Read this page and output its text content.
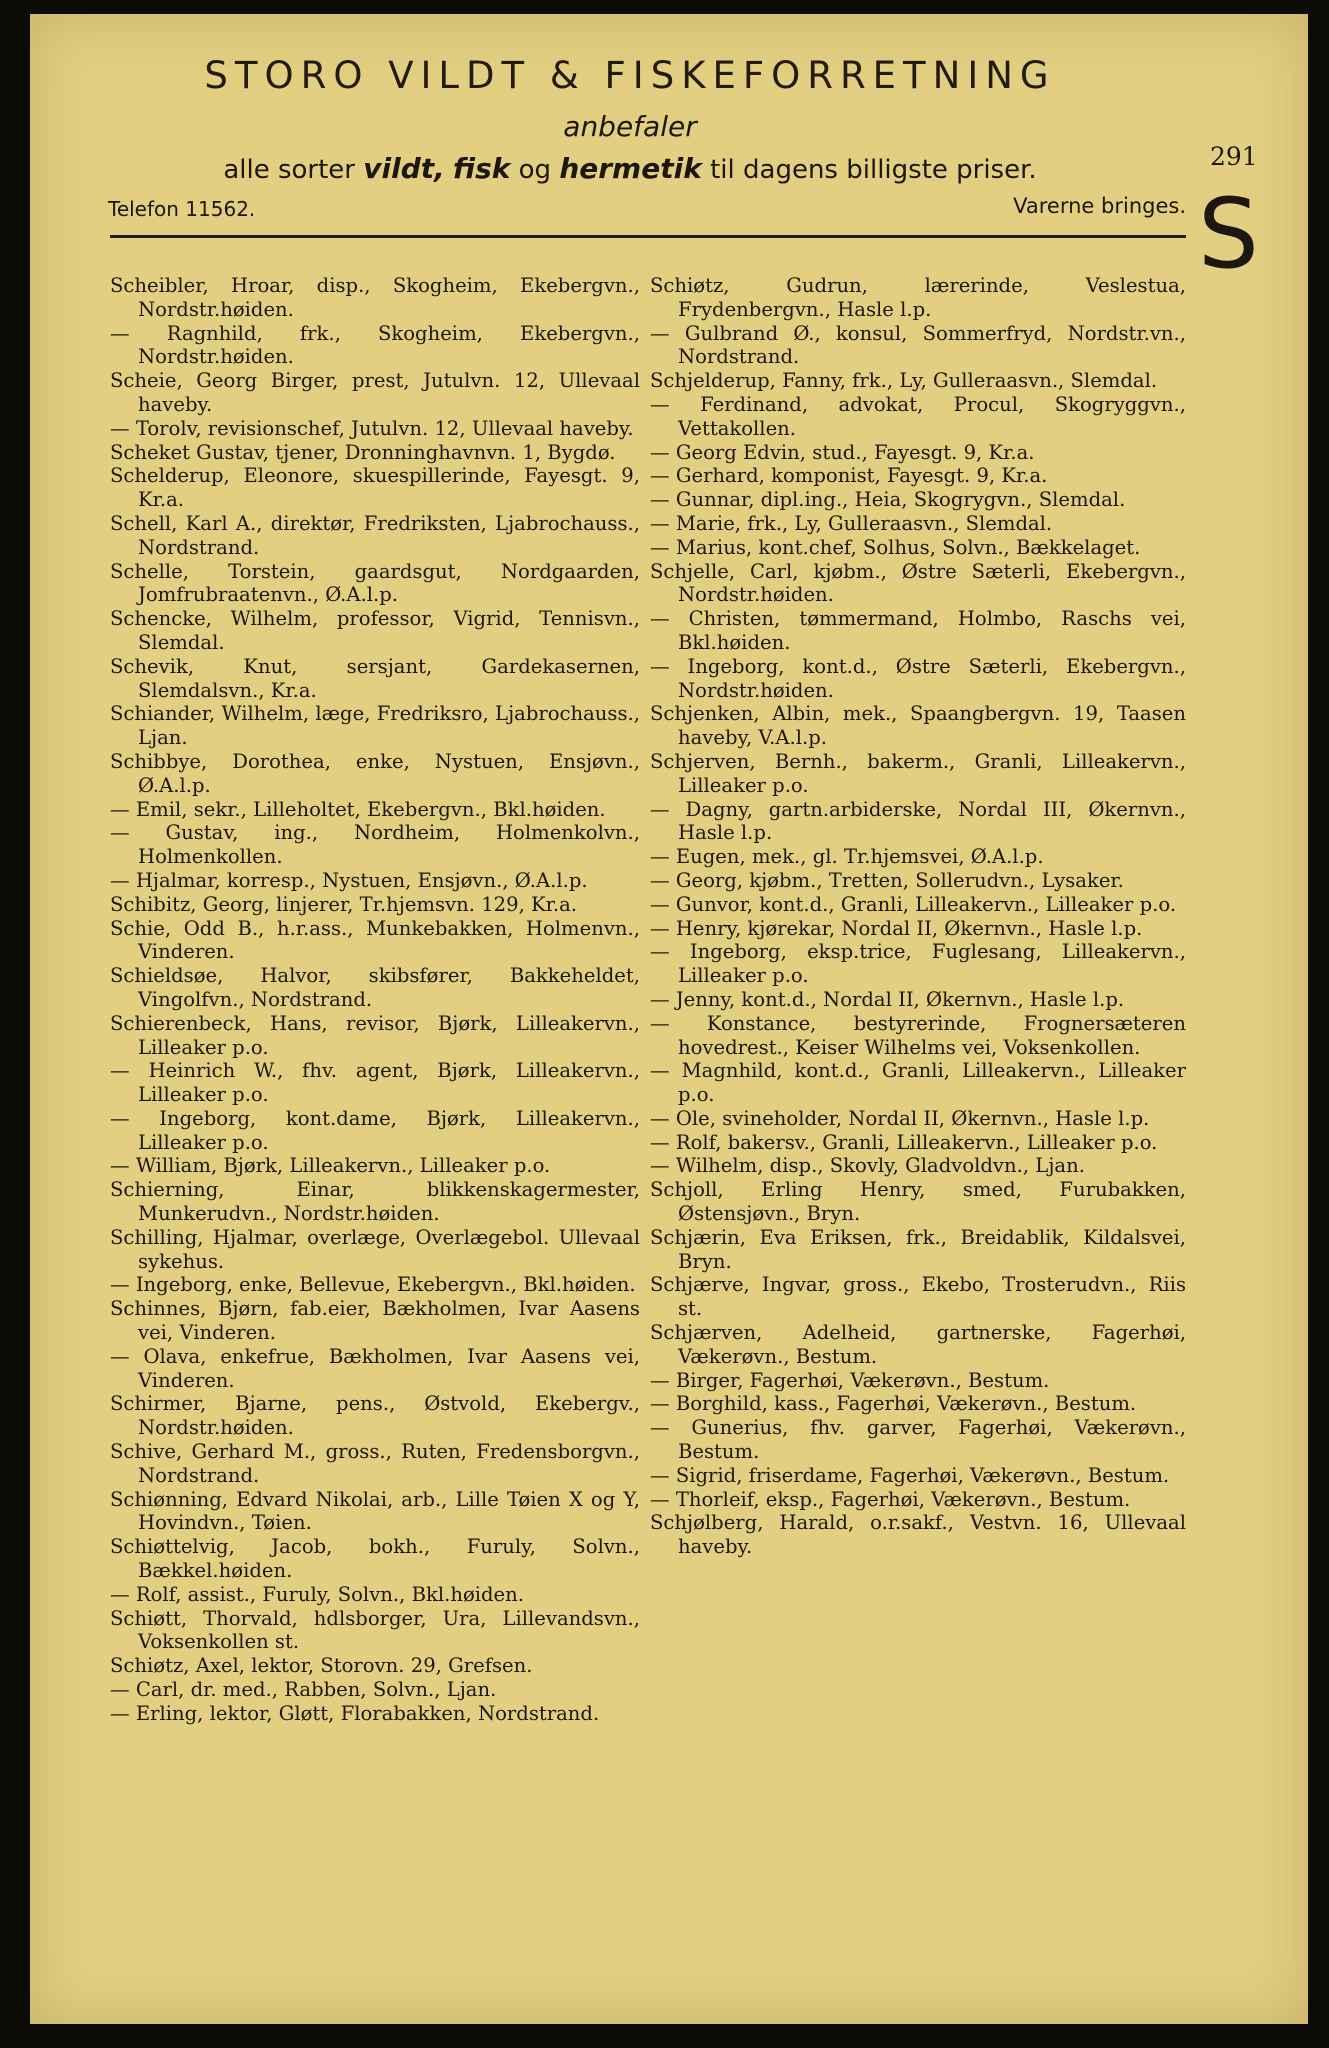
STORO VILDT & FISKEFORRETNING
anbefaler
alle sorter vildt, fisk og hermetik til dagens billigste priser.
Telefon 11562.	Varerne bringes.
291
S
Scheibler, Hroar, disp., Skogheim, Ekebergvn., Nordstr.høiden.
— Ragnhild, frk., Skogheim, Ekebergvn., Nordstr.høiden.
Scheie, Georg Birger, prest, Jutulvn. 12, Ullevaal haveby.
— Torolv, revisionschef, Jutulvn. 12, Ullevaal haveby.
Scheket Gustav, tjener, Dronninghavnvn. 1, Bygdø.
Schelderup, Eleonore, skuespillerinde, Fayesgt. 9, Kr.a.
Schell, Karl A., direktør, Fredriksten, Ljabrochauss., Nordstrand.
Schelle, Torstein, gaardsgut, Nordgaarden, Jomfrubraatenvn., Ø.A.l.p.
Schencke, Wilhelm, professor, Vigrid, Tennisvn., Slemdal.
Schevik, Knut, sersjant, Gardekasernen, Slemdalsvn., Kr.a.
Schiander, Wilhelm, læge, Fredriksro, Ljabrochauss., Ljan.
Schibbye, Dorothea, enke, Nystuen, Ensjøvn., Ø.A.l.p.
— Emil, sekr., Lilleholtet, Ekebergvn., Bkl.høiden.
— Gustav, ing., Nordheim, Holmenkolvn., Holmenkollen.
— Hjalmar, korresp., Nystuen, Ensjøvn., Ø.A.l.p.
Schibitz, Georg, linjerer, Tr.hjemsvn. 129, Kr.a.
Schie, Odd B., h.r.ass., Munkebakken, Holmenvn., Vinderen.
Schieldsøe, Halvor, skibsfører, Bakkeheldet, Vingolfvn., Nordstrand.
Schierenbeck, Hans, revisor, Bjørk, Lilleakervn., Lilleaker p.o.
— Heinrich W., fhv. agent, Bjørk, Lilleakervn., Lilleaker p.o.
— Ingeborg, kont.dame, Bjørk, Lilleakervn., Lilleaker p.o.
— William, Bjørk, Lilleakervn., Lilleaker p.o.
Schierning, Einar, blikkenskagermester, Munkerudvn., Nordstr.høiden.
Schilling, Hjalmar, overlæge, Overlægebol. Ullevaal sykehus.
— Ingeborg, enke, Bellevue, Ekebergvn., Bkl.høiden.
Schinnes, Bjørn, fab.eier, Bækholmen, Ivar Aasens vei, Vinderen.
— Olava, enkefrue, Bækholmen, Ivar Aasens vei, Vinderen.
Schirmer, Bjarne, pens., Østvold, Ekebergv., Nordstr.høiden.
Schive, Gerhard M., gross., Ruten, Fredensborgvn., Nordstrand.
Schiønning, Edvard Nikolai, arb., Lille Tøien X og Y, Hovindvn., Tøien.
Schiøttelvig, Jacob, bokh., Furuly, Solvn., Bækkel.høiden.
— Rolf, assist., Furuly, Solvn., Bkl.høiden.
Schiøtt, Thorvald, hdlsborger, Ura, Lillevandsvn., Voksenkollen st.
Schiøtz, Axel, lektor, Storovn. 29, Grefsen.
— Carl, dr. med., Rabben, Solvn., Ljan.
— Erling, lektor, Gløtt, Florabakken, Nordstrand.
Schiøtz, Gudrun, lærerinde, Veslestua, Frydenbergvn., Hasle l.p.
— Gulbrand Ø., konsul, Sommerfryd, Nordstr.vn., Nordstrand.
Schjelderup, Fanny, frk., Ly, Gulleraasvn., Slemdal.
— Ferdinand, advokat, Procul, Skogryggvn., Vettakollen.
— Georg Edvin, stud., Fayesgt. 9, Kr.a.
— Gerhard, komponist, Fayesgt. 9, Kr.a.
— Gunnar, dipl.ing., Heia, Skogrygvn., Slemdal.
— Marie, frk., Ly, Gulleraasvn., Slemdal.
— Marius, kont.chef, Solhus, Solvn., Bækkelaget.
Schjelle, Carl, kjøbm., Østre Sæterli, Ekebergvn., Nordstr.høiden.
— Christen, tømmermand, Holmbo, Raschs vei, Bkl.høiden.
— Ingeborg, kont.d., Østre Sæterli, Ekebergvn., Nordstr.høiden.
Schjenken, Albin, mek., Spaangbergvn. 19, Taasen haveby, V.A.l.p.
Schjerven, Bernh., bakerm., Granli, Lilleakervn., Lilleaker p.o.
— Dagny, gartn.arbiderske, Nordal III, Økernvn., Hasle l.p.
— Eugen, mek., gl. Tr.hjemsvei, Ø.A.l.p.
— Georg, kjøbm., Tretten, Sollerudvn., Lysaker.
— Gunvor, kont.d., Granli, Lilleakervn., Lilleaker p.o.
— Henry, kjørekar, Nordal II, Økernvn., Hasle l.p.
— Ingeborg, eksp.trice, Fuglesang, Lilleakervn., Lilleaker p.o.
— Jenny, kont.d., Nordal II, Økernvn., Hasle l.p.
— Konstance, bestyrerinde, Frognersæteren hovedrest., Keiser Wilhelms vei, Voksenkollen.
— Magnhild, kont.d., Granli, Lilleakervn., Lilleaker p.o.
— Ole, svineholder, Nordal II, Økernvn., Hasle l.p.
— Rolf, bakersv., Granli, Lilleakervn., Lilleaker p.o.
— Wilhelm, disp., Skovly, Gladvoldvn., Ljan.
Schjoll, Erling Henry, smed, Furubakken, Østensjøvn., Bryn.
Schjærin, Eva Eriksen, frk., Breidablik, Kildalsvei, Bryn.
Schjærve, Ingvar, gross., Ekebo, Trosterudvn., Riis st.
Schjærven, Adelheid, gartnerske, Fagerhøi, Vækerøvn., Bestum.
— Birger, Fagerhøi, Vækerøvn., Bestum.
— Borghild, kass., Fagerhøi, Vækerøvn., Bestum.
— Gunerius, fhv. garver, Fagerhøi, Vækerøvn., Bestum.
— Sigrid, friserdame, Fagerhøi, Vækerøvn., Bestum.
— Thorleif, eksp., Fagerhøi, Vækerøvn., Bestum.
Schjølberg, Harald, o.r.sakf., Vestvn. 16, Ullevaal haveby.
